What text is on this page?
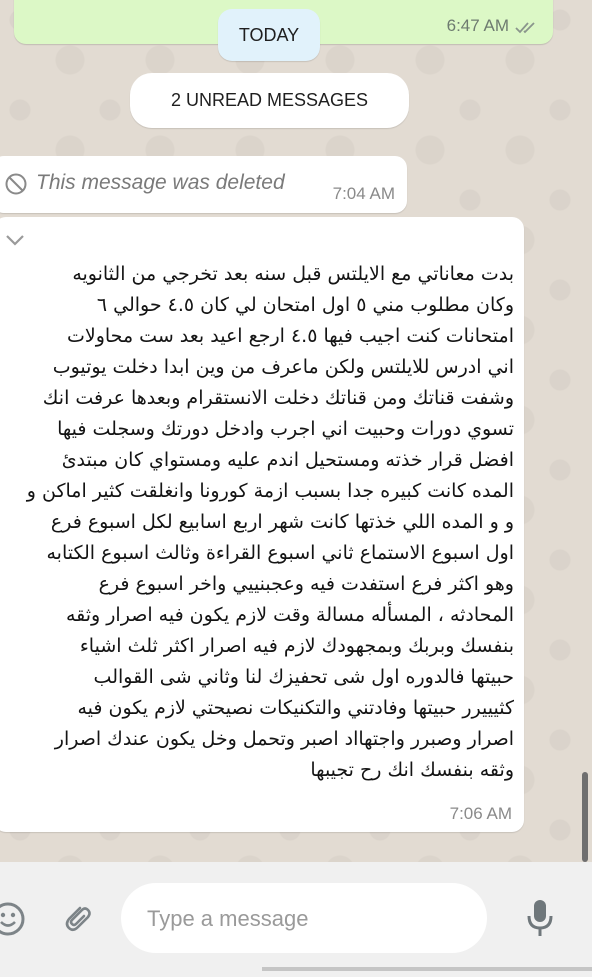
6:47 AM
TODAY
2 UNREAD MESSAGES
This message was deleted	7:04 AM
بدت معاناتي مع الايلتس قبل سنه بعد تخرجي من الثانويه
وكان مطلوب مني ٥ اول امتحان لي كان ٤.٥ حوالي ٦
امتحانات كنت اجيب فيها ٤.٥ ارجع اعيد بعد ست محاولات
اني ادرس للايلتس ولكن ماعرف من وين ابدا دخلت يوتيوب
وشفت قناتك ومن قناتك دخلت الانستقرام وبعدها عرفت انك
تسوي دورات وحبيت اني اجرب وادخل دورتك وسجلت فيها
افضل قرار خذته ومستحيل اندم عليه ومستواي كان مبتدئ
المده كانت كبيره جدا بسبب ازمة كورونا وانغلقت كثير اماكن و
و و المده اللي خذتها كانت شهر اربع اسابيع لكل اسبوع فرع
اول اسبوع الاستماع ثاني اسبوع القراءة وثالث اسبوع الكتابه
وهو اكثر فرع استفدت فيه وعجبنييي واخر اسبوع فرع
المحادثه ، المسأله مسالة وقت لازم يكون فيه اصرار وثقه
بنفسك وبربك وبمجهودك لازم فيه اصرار اكثر ثلث اشياء
حبيتها فالدوره اول شى تحفيزك لنا وثاني شى القوالب
كثيييرر حبيتها وفادتني والتكنيكات نصيحتي لازم يكون فيه
اصرار وصبرر واجتهااد اصبر وتحمل وخل يكون عندك اصرار
وثقه بنفسك انك رح تجيبها
7:06 AM
Type a message
